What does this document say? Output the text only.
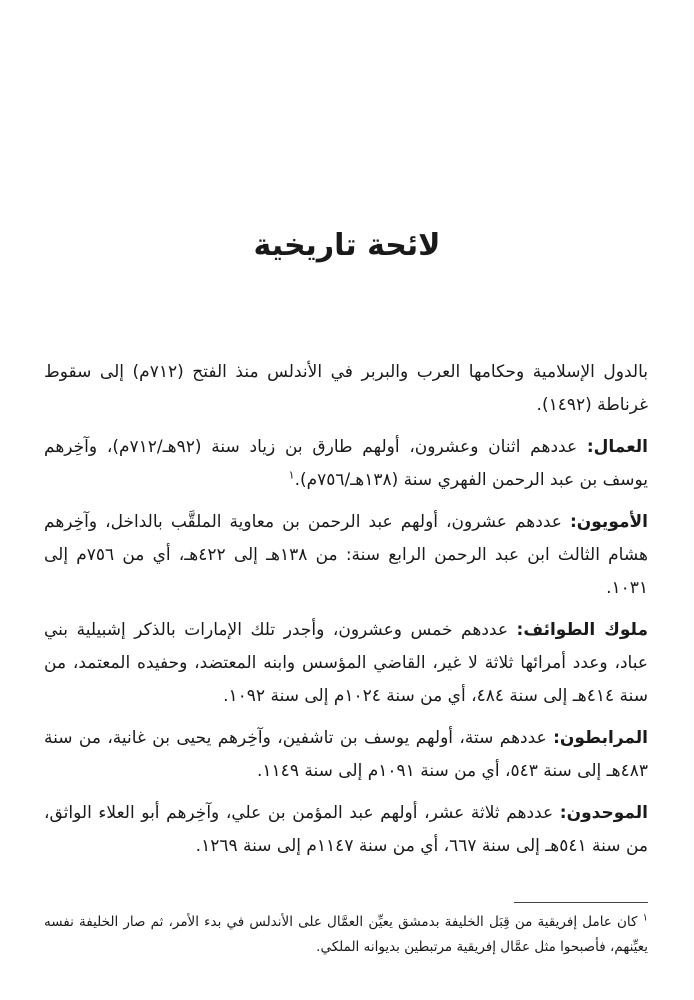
لائحة تاريخية

بالدول الإسلامية وحكامها العرب والبربر في الأندلس منذ الفتح (٧١٢م) إلى سقوط غرناطة (١٤٩٢).

العمال: عددهم اثنان وعشرون، أولهم طارق بن زياد سنة (٩٢هـ/٧١٢م)، وآخِرهم يوسف بن عبد الرحمن الفهري سنة (١٣٨هـ/٧٥٦م).$^١$

الأمويون: عددهم عشرون، أولهم عبد الرحمن بن معاوية الملقَّب بالداخل، وآخِرهم هشام الثالث ابن عبد الرحمن الرابع سنة: من ١٣٨هـ إلى ٤٢٢هـ، أي من ٧٥٦م إلى ١٠٣١.

ملوك الطوائف: عددهم خمس وعشرون، وأجدر تلك الإمارات بالذكر إشبيلية بني عباد، وعدد أمرائها ثلاثة لا غير، القاضي المؤسس وابنه المعتضد، وحفيده المعتمد، من سنة ٤١٤هـ إلى سنة ٤٨٤، أي من سنة ١٠٢٤م إلى سنة ١٠٩٢.

المرابطون: عددهم ستة، أولهم يوسف بن تاشفين، وآخِرهم يحيى بن غانية، من سنة ٤٨٣هـ إلى سنة ٥٤٣، أي من سنة ١٠٩١م إلى سنة ١١٤٩.

الموحدون: عددهم ثلاثة عشر، أولهم عبد المؤمن بن علي، وآخِرهم أبو العلاء الواثق، من سنة ٥٤١هـ إلى سنة ٦٦٧، أي من سنة ١١٤٧م إلى سنة ١٢٦٩.

$^١$ كان عامل إفريقية من قِبَل الخليفة بدمشق يعيِّن العمَّال على الأندلس في بدء الأمر، ثم صار الخليفة نفسه يعيِّنهم، فأصبحوا مثل عمَّال إفريقية مرتبطين بديوانه الملكي.
